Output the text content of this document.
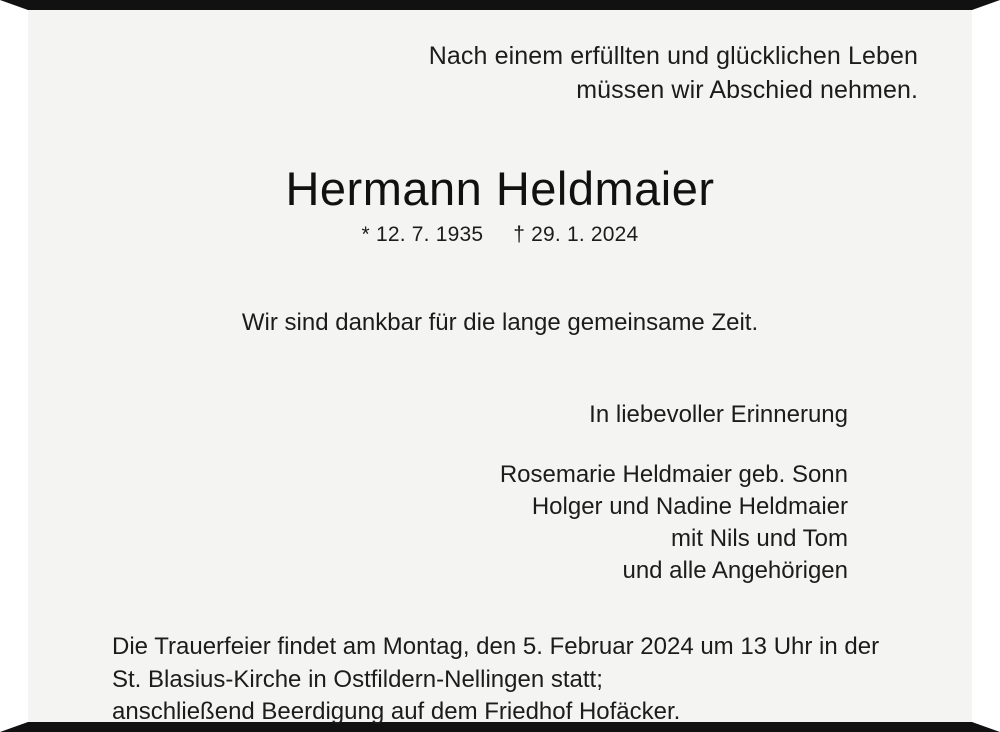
Nach einem erfüllten und glücklichen Leben
müssen wir Abschied nehmen.
Hermann Heldmaier
* 12. 7. 1935 † 29. 1. 2024
Wir sind dankbar für die lange gemeinsame Zeit.
In liebevoller Erinnerung
Rosemarie Heldmaier geb. Sonn
Holger und Nadine Heldmaier
mit Nils und Tom
und alle Angehörigen
Die Trauerfeier findet am Montag, den 5. Februar 2024 um 13 Uhr in der
St. Blasius-Kirche in Ostfildern-Nellingen statt;
anschließend Beerdigung auf dem Friedhof Hofäcker.
